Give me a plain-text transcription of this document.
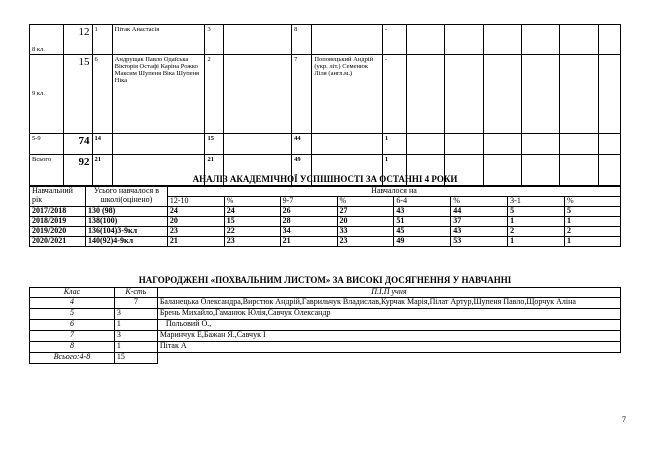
8 кл.	12	1	Пітак Анастасія	3		8		-						
9 кл.	15	6	Андрущак Павло Одаїська Вікторія Остафі Каріна Рожко Максим Шупеня Віка Шупеня Ніка	2		7	Поповецький Андрій (укр. літ.) Семенюк Ліля (англ.м.)	-						
5-9	74	14		15		44		1						
Всього	92	21		21		49		1						
АНАЛІЗ АКАДЕМІЧНОЇ УСПІШНОСТІ ЗА ОСТАННІ 4 РОКИ
Навчальний рік	Усього навчалося в школі(оцінено)	Навчалося на							
		12-10	%	9-7	%	6-4	%	3-1	%
2017/2018	130 (98)	24	24	26	27	43	44	5	5
2018/2019	138(100)	20	15	28	20	51	37	1	1
2019/2020	136(104)3-9кл	23	22	34	33	45	43	2	2
2020/2021	140(92)4-9кл	21	23	21	23	49	53	1	1
НАГОРОДЖЕНІ «ПОХВАЛЬНИМ ЛИСТОМ» ЗА ВИСОКІ ДОСЯГНЕННЯ У НАВЧАННІ
Клас	К-сть	П.І.П учня
4	7	Баланецька Олександра,Вирстюк Андрій,Гаврильчук Владислав,Курчак Марія,Пілат Артур,Шупеня Павло,Щорчук Аліна
5	3	Брень Михайло,Гаманюк Юлія,Савчук Олександр
6	1	Польовий О.,
7	3	Маринчук Е,Бажан Я.,Савчук І
8	1	Пітак А
Всього:4-8	15	
7
